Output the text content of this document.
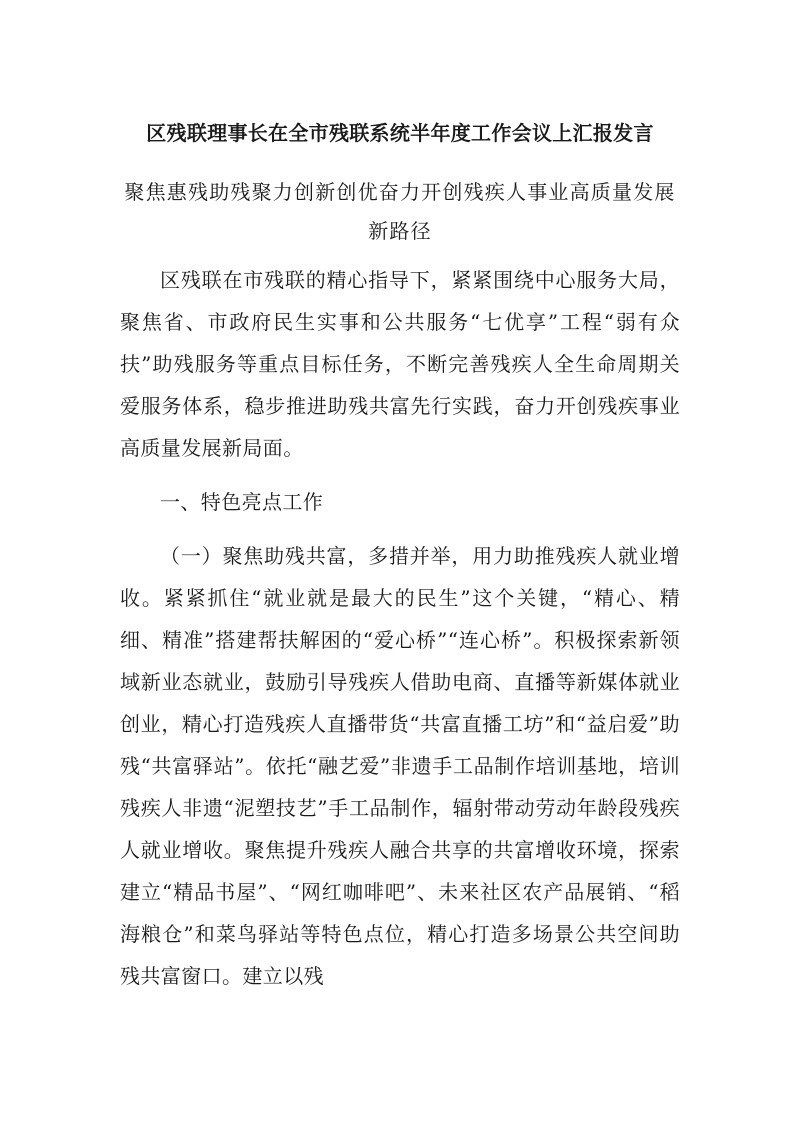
区残联理事长在全市残联系统半年度工作会议上汇报发言
聚焦惠残助残聚力创新创优奋力开创残疾人事业高质量发展新路径

区残联在市残联的精心指导下，紧紧围绕中心服务大局，聚焦省、市政府民生实事和公共服务“七优享”工程“弱有众扶”助残服务等重点目标任务，不断完善残疾人全生命周期关爱服务体系，稳步推进助残共富先行实践，奋力开创残疾事业高质量发展新局面。

一、特色亮点工作

（一）聚焦助残共富，多措并举，用力助推残疾人就业增收。紧紧抓住“就业就是最大的民生”这个关键，“精心、精细、精准”搭建帮扶解困的“爱心桥”“连心桥”。积极探索新领域新业态就业，鼓励引导残疾人借助电商、直播等新媒体就业创业，精心打造残疾人直播带货“共富直播工坊”和“益启爱”助残“共富驿站”。依托“融艺爱”非遗手工品制作培训基地，培训残疾人非遗“泥塑技艺”手工品制作，辐射带动劳动年龄段残疾人就业增收。聚焦提升残疾人融合共享的共富增收环境，探索建立“精品书屋”、“网红咖啡吧”、未来社区农产品展销、“稻海粮仓”和菜鸟驿站等特色点位，精心打造多场景公共空间助残共富窗口。建立以残
